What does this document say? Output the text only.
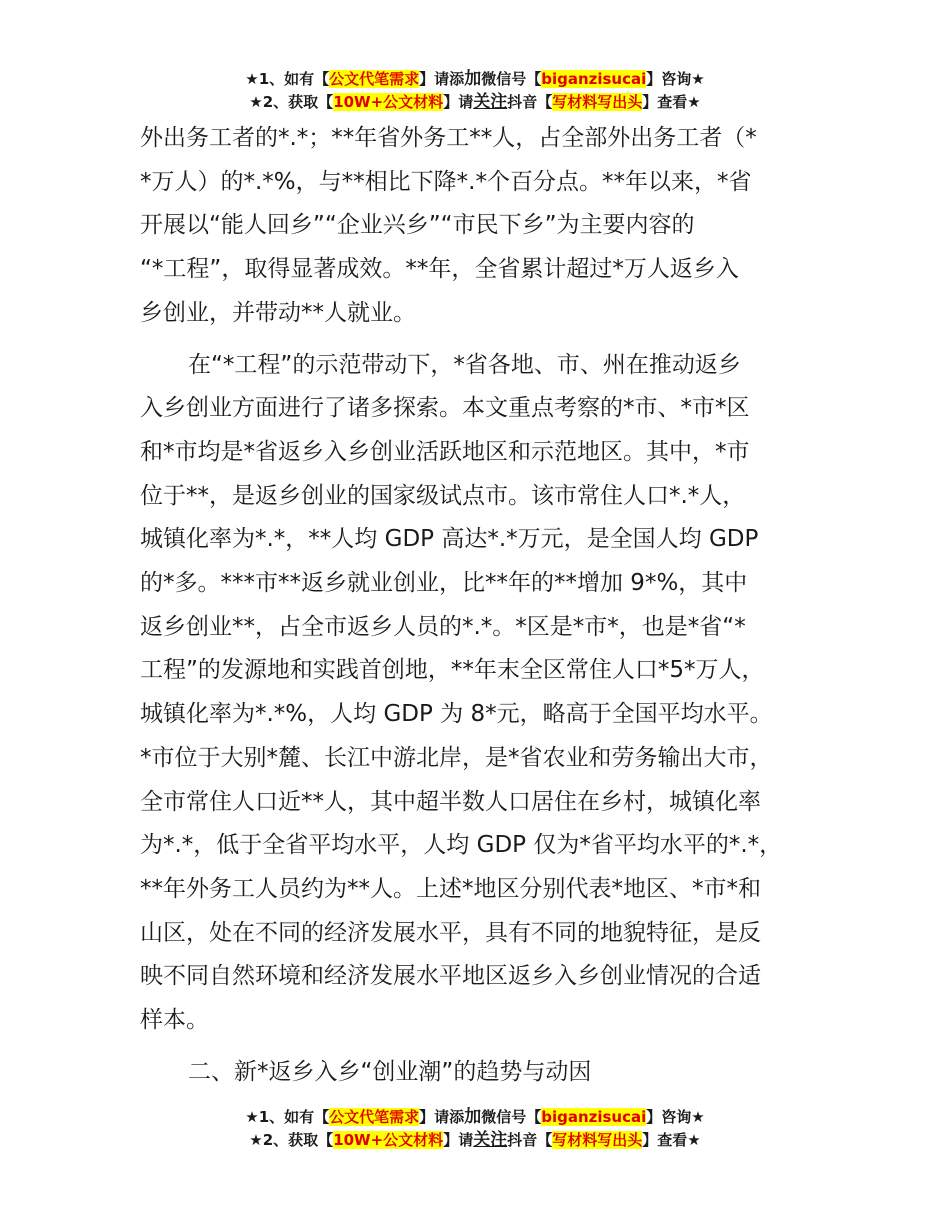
★1、如有【公文代笔需求】请添加微信号【biganzisucai】咨询★
★2、获取【10W+公文材料】请关注抖音【写材料写出头】查看★
外出务工者的*.*；**年省外务工**人，占全部外出务工者（*
*万人）的*.*%，与**相比下降*.*个百分点。**年以来，*省
开展以“能人回乡”“企业兴乡”“市民下乡”为主要内容的
“*工程”，取得显著成效。**年，全省累计超过*万人返乡入
乡创业，并带动**人就业。
在“*工程”的示范带动下，*省各地、市、州在推动返乡
入乡创业方面进行了诸多探索。本文重点考察的*市、*市*区
和*市均是*省返乡入乡创业活跃地区和示范地区。其中，*市
位于**，是返乡创业的国家级试点市。该市常住人口*.*人，
城镇化率为*.*，**人均 GDP 高达*.*万元，是全国人均 GDP
的*多。***市**返乡就业创业，比**年的**增加 9*%，其中
返乡创业**，占全市返乡人员的*.*。*区是*市*，也是*省“*
工程”的发源地和实践首创地，**年末全区常住人口*5*万人，
城镇化率为*.*%，人均 GDP 为 8*元，略高于全国平均水平。
*市位于大别*麓、长江中游北岸，是*省农业和劳务输出大市，
全市常住人口近**人，其中超半数人口居住在乡村，城镇化率
为*.*，低于全省平均水平，人均 GDP 仅为*省平均水平的*.*，
**年外务工人员约为**人。上述*地区分别代表*地区、*市*和
山区，处在不同的经济发展水平，具有不同的地貌特征，是反
映不同自然环境和经济发展水平地区返乡入乡创业情况的合适
样本。
二、新*返乡入乡“创业潮”的趋势与动因
★1、如有【公文代笔需求】请添加微信号【biganzisucai】咨询★
★2、获取【10W+公文材料】请关注抖音【写材料写出头】查看★
